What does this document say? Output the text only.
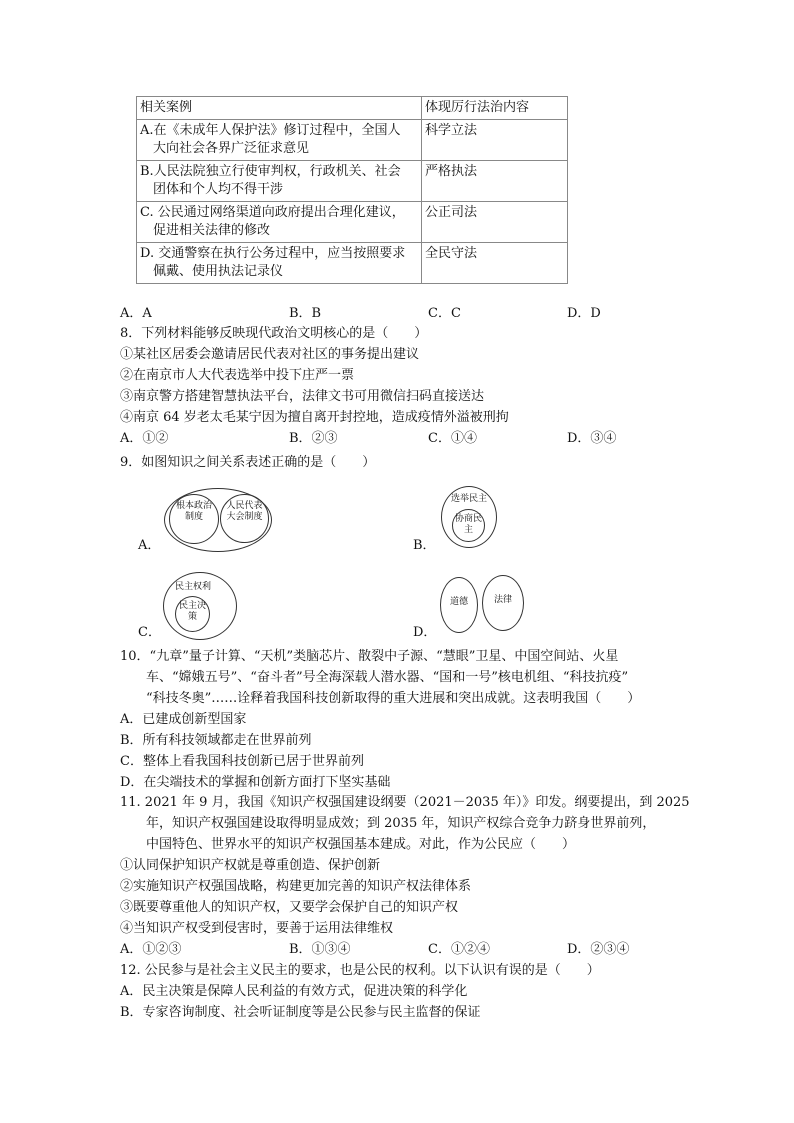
相关案例	体现厉行法治内容
A.在《未成年人保护法》修订过程中，全国人
大向社会各界广泛征求意见	科学立法
B.人民法院独立行使审判权，行政机关、社会
团体和个人均不得干涉	严格执法
C. 公民通过网络渠道向政府提出合理化建议，
促进相关法律的修改	公正司法
D. 交通警察在执行公务过程中，应当按照要求
佩戴、使用执法记录仪	全民守法
A．A	B．B	C．C	D．D
8．下列材料能够反映现代政治文明核心的是（　　）
①某社区居委会邀请居民代表对社区的事务提出建议
②在南京市人大代表选举中投下庄严一票
③南京警方搭建智慧执法平台，法律文书可用微信扫码直接送达
④南京 64 岁老太毛某宁因为擅自离开封控地，造成疫情外溢被刑拘
A．①②	B．②③	C．①④	D．③④
9．如图知识之间关系表述正确的是（　　）
A．
根本政治制度
人民代表大会制度
B．
选举民主
协商民主
C．
民主权利
民主决策
D．
道德	法律
10．“九章”量子计算、“天机”类脑芯片、散裂中子源、“慧眼”卫星、中国空间站、火星
车、“嫦娥五号”、“奋斗者”号全海深载人潜水器、“国和一号”核电机组、“科技抗疫”
“科技冬奥”……诠释着我国科技创新取得的重大进展和突出成就。这表明我国（　　）
A．已建成创新型国家
B．所有科技领域都走在世界前列
C．整体上看我国科技创新已居于世界前列
D．在尖端技术的掌握和创新方面打下坚实基础
11. 2021 年 9 月，我国《知识产权强国建设纲要（2021－2035 年）》印发。纲要提出，到 2025
年，知识产权强国建设取得明显成效；到 2035 年，知识产权综合竞争力跻身世界前列，
中国特色、世界水平的知识产权强国基本建成。对此，作为公民应（　　）
①认同保护知识产权就是尊重创造、保护创新
②实施知识产权强国战略，构建更加完善的知识产权法律体系
③既要尊重他人的知识产权，又要学会保护自己的知识产权
④当知识产权受到侵害时，要善于运用法律维权
A．①②③	B．①③④	C．①②④	D．②③④
12. 公民参与是社会主义民主的要求，也是公民的权利。以下认识有误的是（　　）
A．民主决策是保障人民利益的有效方式，促进决策的科学化
B．专家咨询制度、社会听证制度等是公民参与民主监督的保证
